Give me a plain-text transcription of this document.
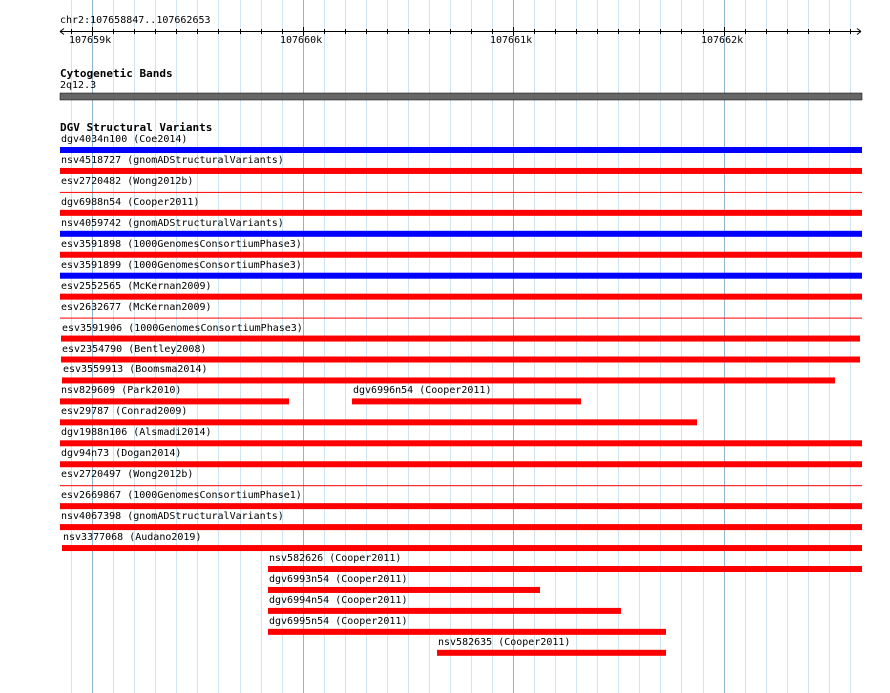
chr2:107658847..107662653
Cytogenetic Bands
2q12.3
DGV Structural Variants
107659k	107660k	107661k	107662k
dgv4034n100 (Coe2014)
nsv4518727 (gnomADStructuralVariants)
esv2720482 (Wong2012b)
dgv6988n54 (Cooper2011)
nsv4059742 (gnomADStructuralVariants)
esv3591898 (1000GenomesConsortiumPhase3)
esv3591899 (1000GenomesConsortiumPhase3)
esv2552565 (McKernan2009)
esv2632677 (McKernan2009)
esv3591906 (1000GenomesConsortiumPhase3)
esv2354790 (Bentley2008)
esv3559913 (Boomsma2014)
nsv829609 (Park2010)	dgv6996n54 (Cooper2011)
esv29787 (Conrad2009)
dgv1988n106 (Alsmadi2014)
dgv94n73 (Dogan2014)
esv2720497 (Wong2012b)
esv2669867 (1000GenomesConsortiumPhase1)
nsv4067398 (gnomADStructuralVariants)
nsv3377068 (Audano2019)
nsv582626 (Cooper2011)
dgv6993n54 (Cooper2011)
dgv6994n54 (Cooper2011)
dgv6995n54 (Cooper2011)
nsv582635 (Cooper2011)
